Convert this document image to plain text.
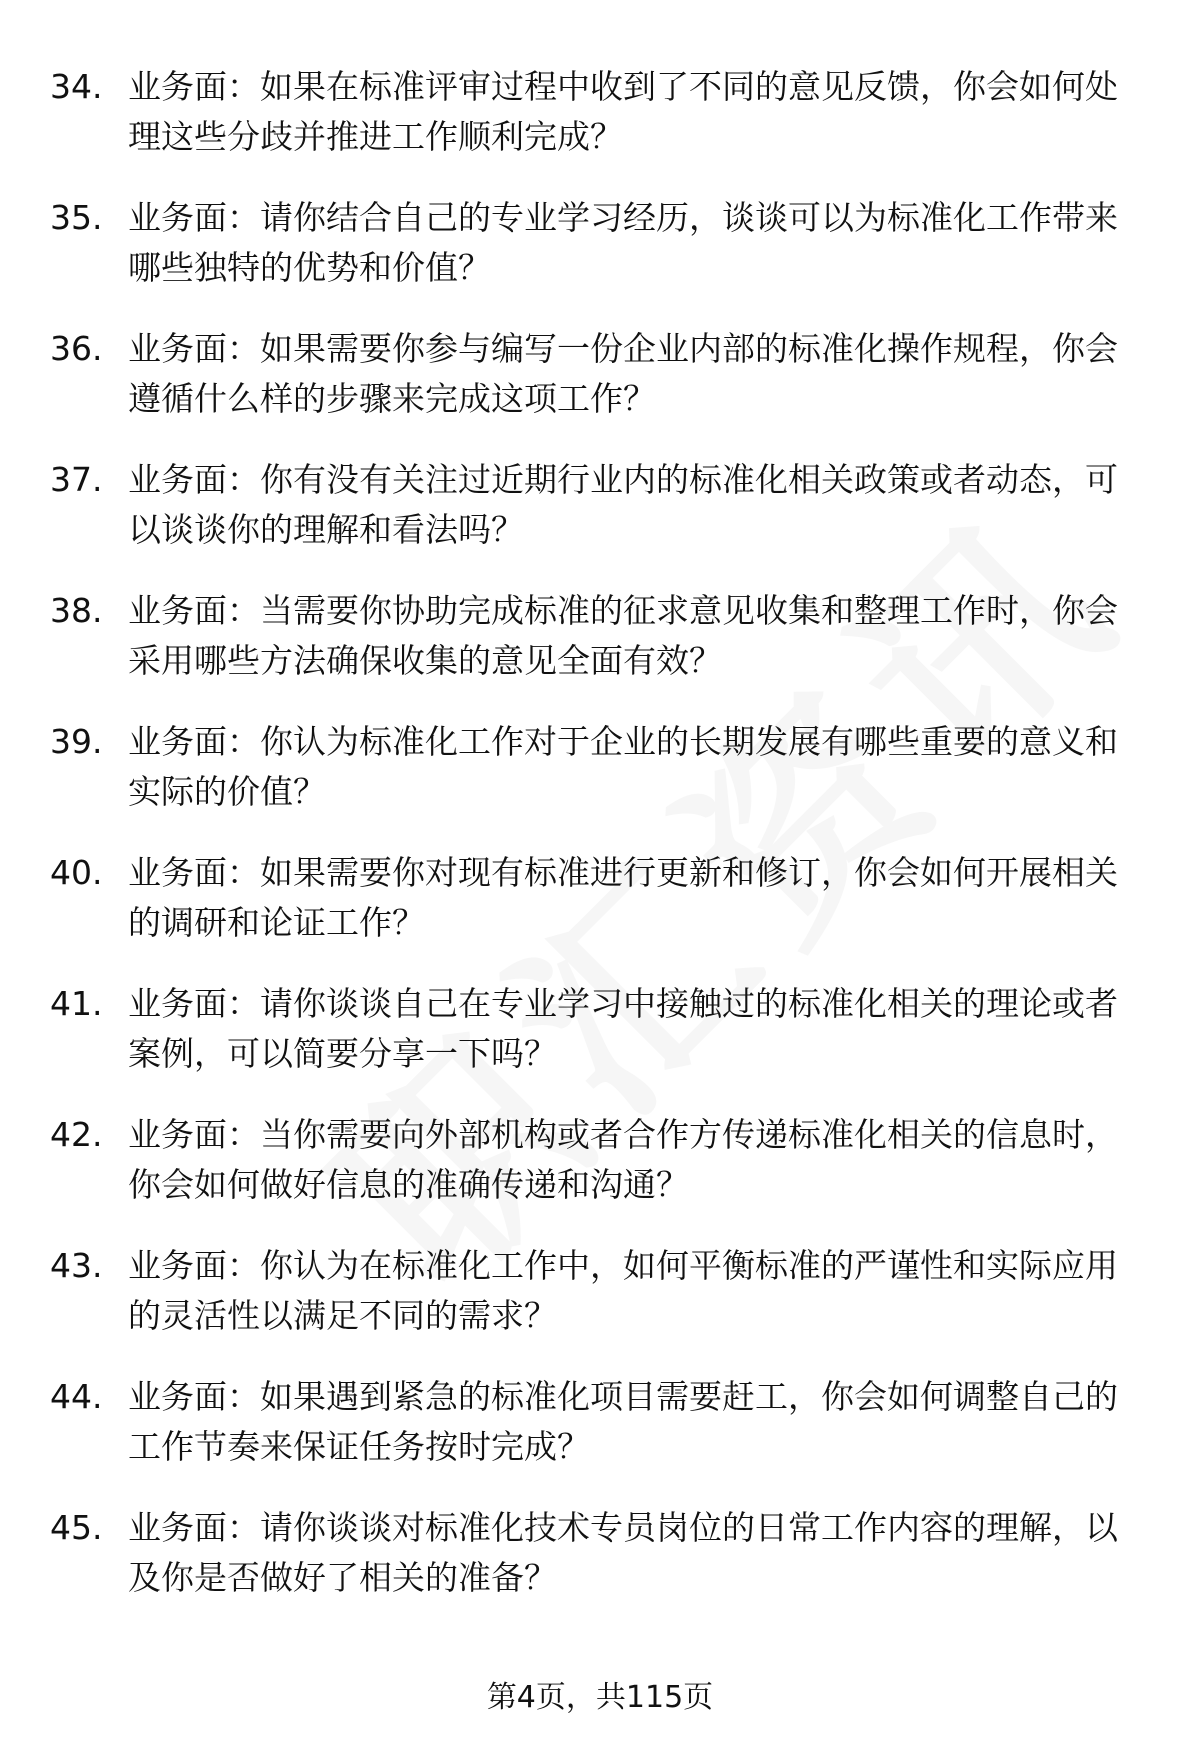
34. 业务面：如果在标准评审过程中收到了不同的意见反馈，你会如何处理这些分歧并推进工作顺利完成？
35. 业务面：请你结合自己的专业学习经历，谈谈可以为标准化工作带来哪些独特的优势和价值？
36. 业务面：如果需要你参与编写一份企业内部的标准化操作规程，你会遵循什么样的步骤来完成这项工作？
37. 业务面：你有没有关注过近期行业内的标准化相关政策或者动态，可以谈谈你的理解和看法吗？
38. 业务面：当需要你协助完成标准的征求意见收集和整理工作时，你会采用哪些方法确保收集的意见全面有效？
39. 业务面：你认为标准化工作对于企业的长期发展有哪些重要的意义和实际的价值？
40. 业务面：如果需要你对现有标准进行更新和修订，你会如何开展相关的调研和论证工作？
41. 业务面：请你谈谈自己在专业学习中接触过的标准化相关的理论或者案例，可以简要分享一下吗？
42. 业务面：当你需要向外部机构或者合作方传递标准化相关的信息时，你会如何做好信息的准确传递和沟通？
43. 业务面：你认为在标准化工作中，如何平衡标准的严谨性和实际应用的灵活性以满足不同的需求？
44. 业务面：如果遇到紧急的标准化项目需要赶工，你会如何调整自己的工作节奏来保证任务按时完成？
45. 业务面：请你谈谈对标准化技术专员岗位的日常工作内容的理解，以及你是否做好了相关的准备？
第4页，共115页
